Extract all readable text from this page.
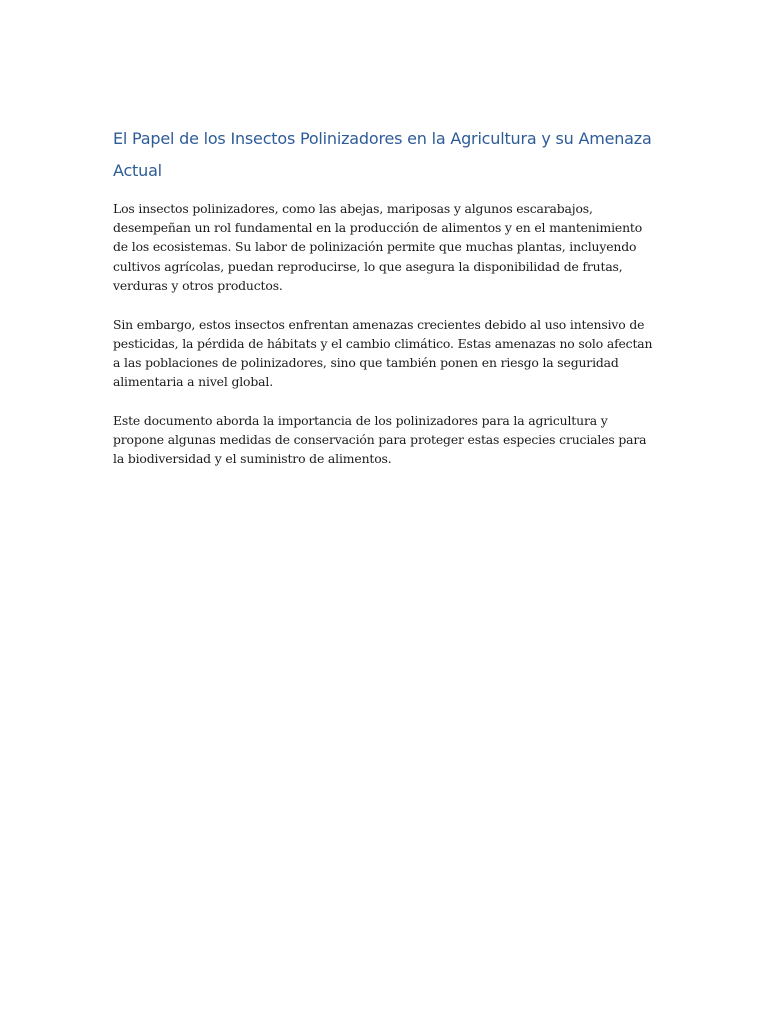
El Papel de los Insectos Polinizadores en la Agricultura y su Amenaza Actual

Los insectos polinizadores, como las abejas, mariposas y algunos escarabajos, desempeñan un rol fundamental en la producción de alimentos y en el mantenimiento de los ecosistemas. Su labor de polinización permite que muchas plantas, incluyendo cultivos agrícolas, puedan reproducirse, lo que asegura la disponibilidad de frutas, verduras y otros productos.

Sin embargo, estos insectos enfrentan amenazas crecientes debido al uso intensivo de pesticidas, la pérdida de hábitats y el cambio climático. Estas amenazas no solo afectan a las poblaciones de polinizadores, sino que también ponen en riesgo la seguridad alimentaria a nivel global.

Este documento aborda la importancia de los polinizadores para la agricultura y propone algunas medidas de conservación para proteger estas especies cruciales para la biodiversidad y el suministro de alimentos.
